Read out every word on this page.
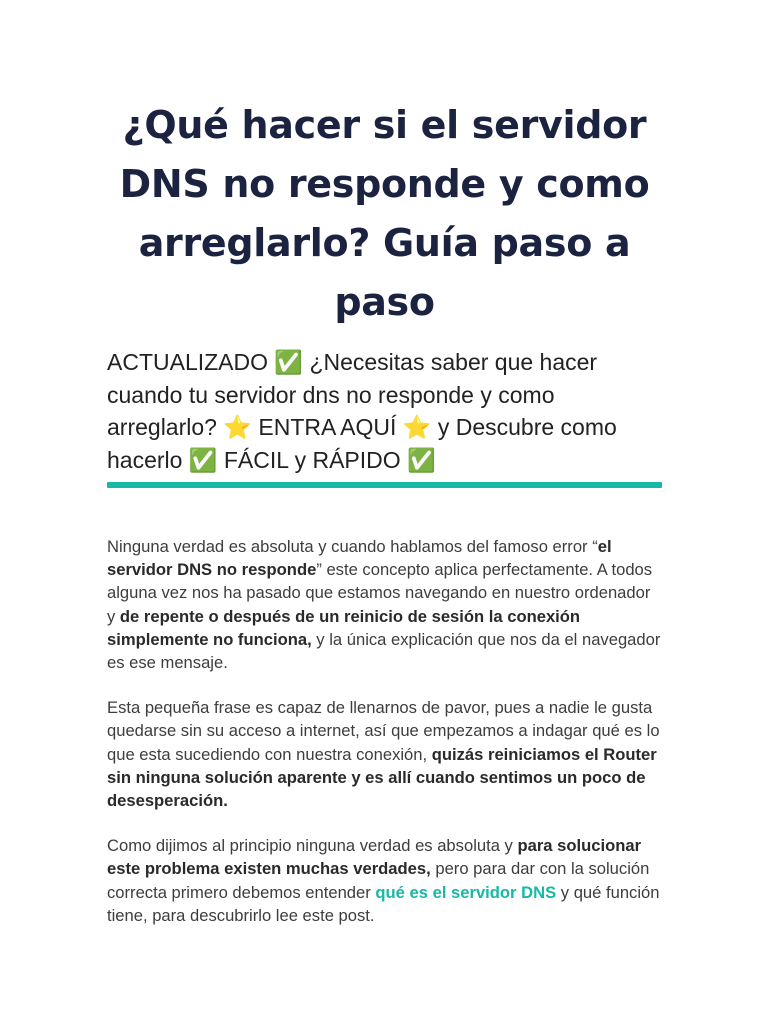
¿Qué hacer si el servidor DNS no responde y como arreglarlo? Guía paso a paso
ACTUALIZADO ✅ ¿Necesitas saber que hacer cuando tu servidor dns no responde y como arreglarlo? ⭐ ENTRA AQUÍ ⭐ y Descubre como hacerlo ✅ FÁCIL y RÁPIDO ✅

Ninguna verdad es absoluta y cuando hablamos del famoso error “el servidor DNS no responde” este concepto aplica perfectamente. A todos alguna vez nos ha pasado que estamos navegando en nuestro ordenador y de repente o después de un reinicio de sesión la conexión simplemente no funciona, y la única explicación que nos da el navegador es ese mensaje.

Esta pequeña frase es capaz de llenarnos de pavor, pues a nadie le gusta quedarse sin su acceso a internet, así que empezamos a indagar qué es lo que esta sucediendo con nuestra conexión, quizás reiniciamos el Router sin ninguna solución aparente y es allí cuando sentimos un poco de desesperación.

Como dijimos al principio ninguna verdad es absoluta y para solucionar este problema existen muchas verdades, pero para dar con la solución correcta primero debemos entender qué es el servidor DNS y qué función tiene, para descubrirlo lee este post.
